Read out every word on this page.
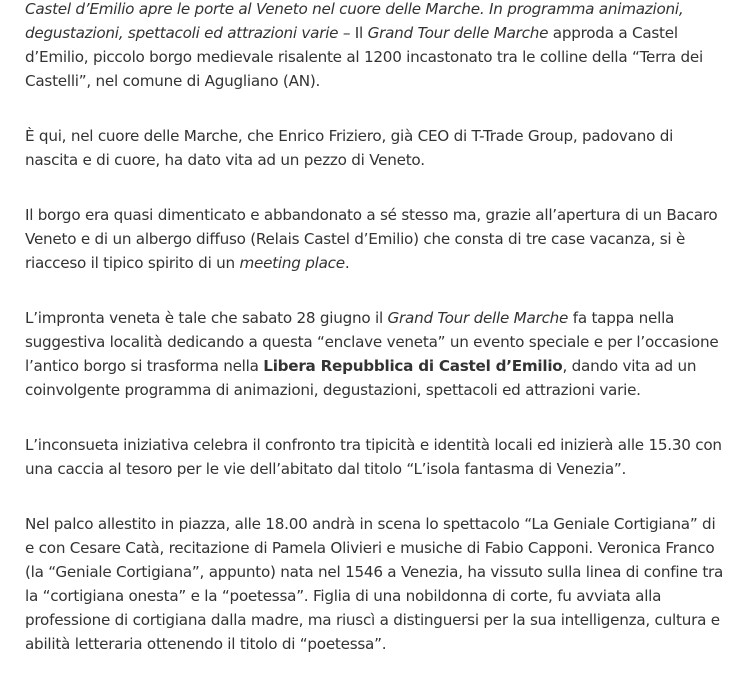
Castel d’Emilio apre le porte al Veneto nel cuore delle Marche. In programma animazioni, degustazioni, spettacoli ed attrazioni varie – Il Grand Tour delle Marche approda a Castel d’Emilio, piccolo borgo medievale risalente al 1200 incastonato tra le colline della “Terra dei Castelli”, nel comune di Agugliano (AN).

È qui, nel cuore delle Marche, che Enrico Friziero, già CEO di T-Trade Group, padovano di nascita e di cuore, ha dato vita ad un pezzo di Veneto.

Il borgo era quasi dimenticato e abbandonato a sé stesso ma, grazie all’apertura di un Bacaro Veneto e di un albergo diffuso (Relais Castel d’Emilio) che consta di tre case vacanza, si è riacceso il tipico spirito di un meeting place.

L’impronta veneta è tale che sabato 28 giugno il Grand Tour delle Marche fa tappa nella suggestiva località dedicando a questa “enclave veneta” un evento speciale e per l’occasione l’antico borgo si trasforma nella Libera Repubblica di Castel d’Emilio, dando vita ad un coinvolgente programma di animazioni, degustazioni, spettacoli ed attrazioni varie.

L’inconsueta iniziativa celebra il confronto tra tipicità e identità locali ed inizierà alle 15.30 con una caccia al tesoro per le vie dell’abitato dal titolo “L’isola fantasma di Venezia”.

Nel palco allestito in piazza, alle 18.00 andrà in scena lo spettacolo “La Geniale Cortigiana” di e con Cesare Catà, recitazione di Pamela Olivieri e musiche di Fabio Capponi. Veronica Franco (la “Geniale Cortigiana”, appunto) nata nel 1546 a Venezia, ha vissuto sulla linea di confine tra la “cortigiana onesta” e la “poetessa”. Figlia di una nobildonna di corte, fu avviata alla professione di cortigiana dalla madre, ma riuscì a distinguersi per la sua intelligenza, cultura e abilità letteraria ottenendo il titolo di “poetessa”.
